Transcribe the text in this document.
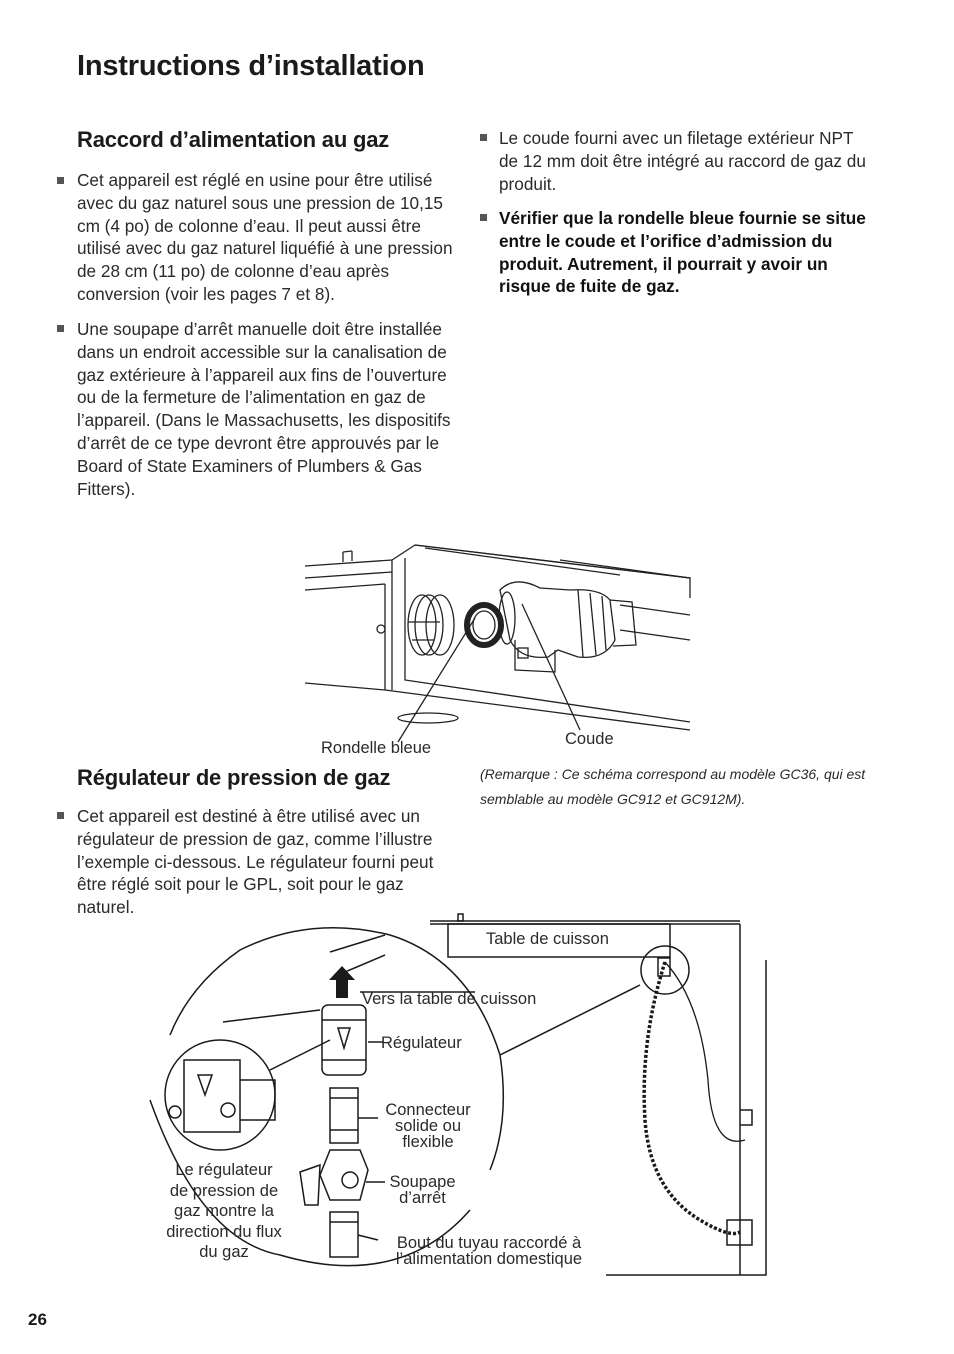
Instructions d’installation
Raccord d’alimentation au gaz
Cet appareil est réglé en usine pour être utilisé avec du gaz naturel sous une pression de 10,15 cm (4 po) de colonne d’eau. Il peut aussi être utilisé avec du gaz naturel liquéfié à une pression de 28 cm (11 po) de colonne d’eau après conversion (voir les pages 7 et 8).
Une soupape d’arrêt manuelle doit être installée dans un endroit accessible sur la canalisation de gaz extérieure à l’appareil aux fins de l’ouverture ou de la fermeture de l’alimentation en gaz de l’appareil. (Dans le Massachusetts, les dispositifs d’arrêt de ce type devront être approuvés par le Board of State Examiners of Plumbers & Gas Fitters).
Le coude fourni avec un filetage extérieur NPT de 12 mm doit être intégré au raccord de gaz du produit.
Vérifier que la rondelle bleue fournie se situe entre le coude et l’orifice d’admission du produit. Autrement, il pourrait y avoir un risque de fuite de gaz.
Rondelle bleue	Coude
(Remarque : Ce schéma correspond au modèle GC36, qui est semblable au modèle GC912 et GC912M).
Régulateur de pression de gaz
Cet appareil est destiné à être utilisé avec un régulateur de pression de gaz, comme l’illustre l’exemple ci-dessous. Le régulateur fourni peut être réglé soit pour le GPL, soit pour le gaz naturel.
Table de cuisson
Vers la table de cuisson
Régulateur
Connecteur solide ou flexible
Soupape d’arrêt
Bout du tuyau raccordé à l’alimentation domestique
Le régulateur de pression de gaz montre la direction du flux du gaz
26
